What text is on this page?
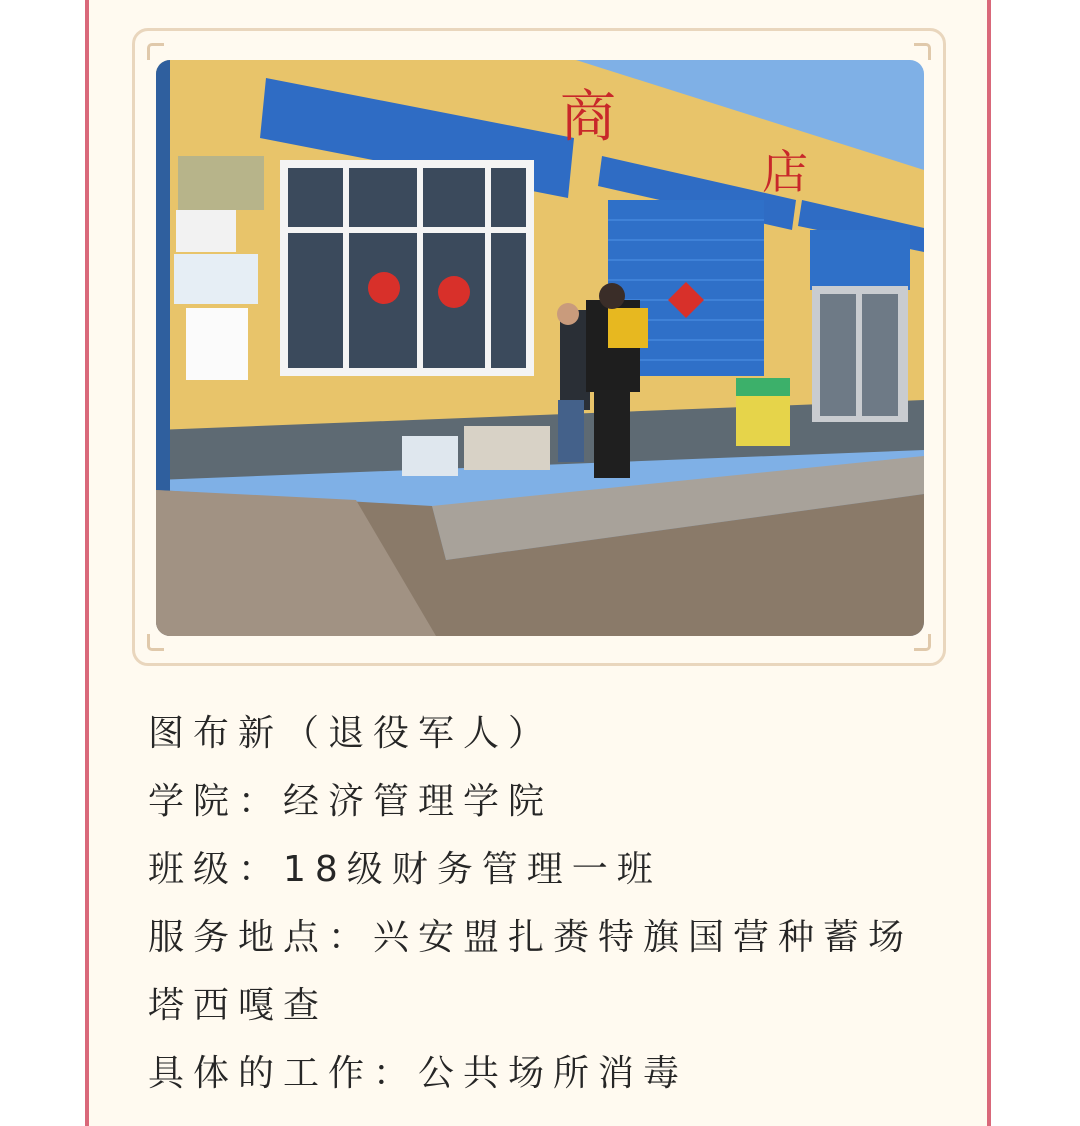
商
店
图布新（退役军人）
学院：经济管理学院
班级：18级财务管理一班
服务地点：兴安盟扎赉特旗国营种蓄场
塔西嘎查
具体的工作：公共场所消毒
